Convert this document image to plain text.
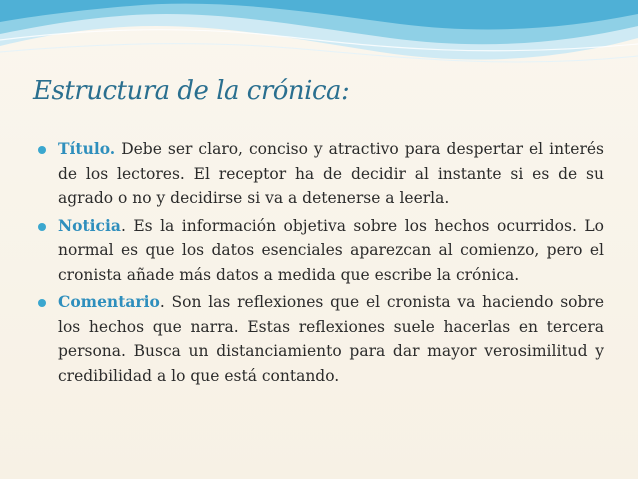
Estructura de la crónica:
Título. Debe ser claro, conciso y atractivo para despertar el interés de los lectores. El receptor ha de decidir al instante si es de su agrado o no y decidirse si va a detenerse a leerla.
Noticia. Es la información objetiva sobre los hechos ocurridos. Lo normal es que los datos esenciales aparezcan al comienzo, pero el cronista añade más datos a medida que escribe la crónica.
Comentario. Son las reflexiones que el cronista va haciendo sobre los hechos que narra. Estas reflexiones suele hacerlas en tercera persona. Busca un distanciamiento para dar mayor verosimilitud y credibilidad a lo que está contando.
